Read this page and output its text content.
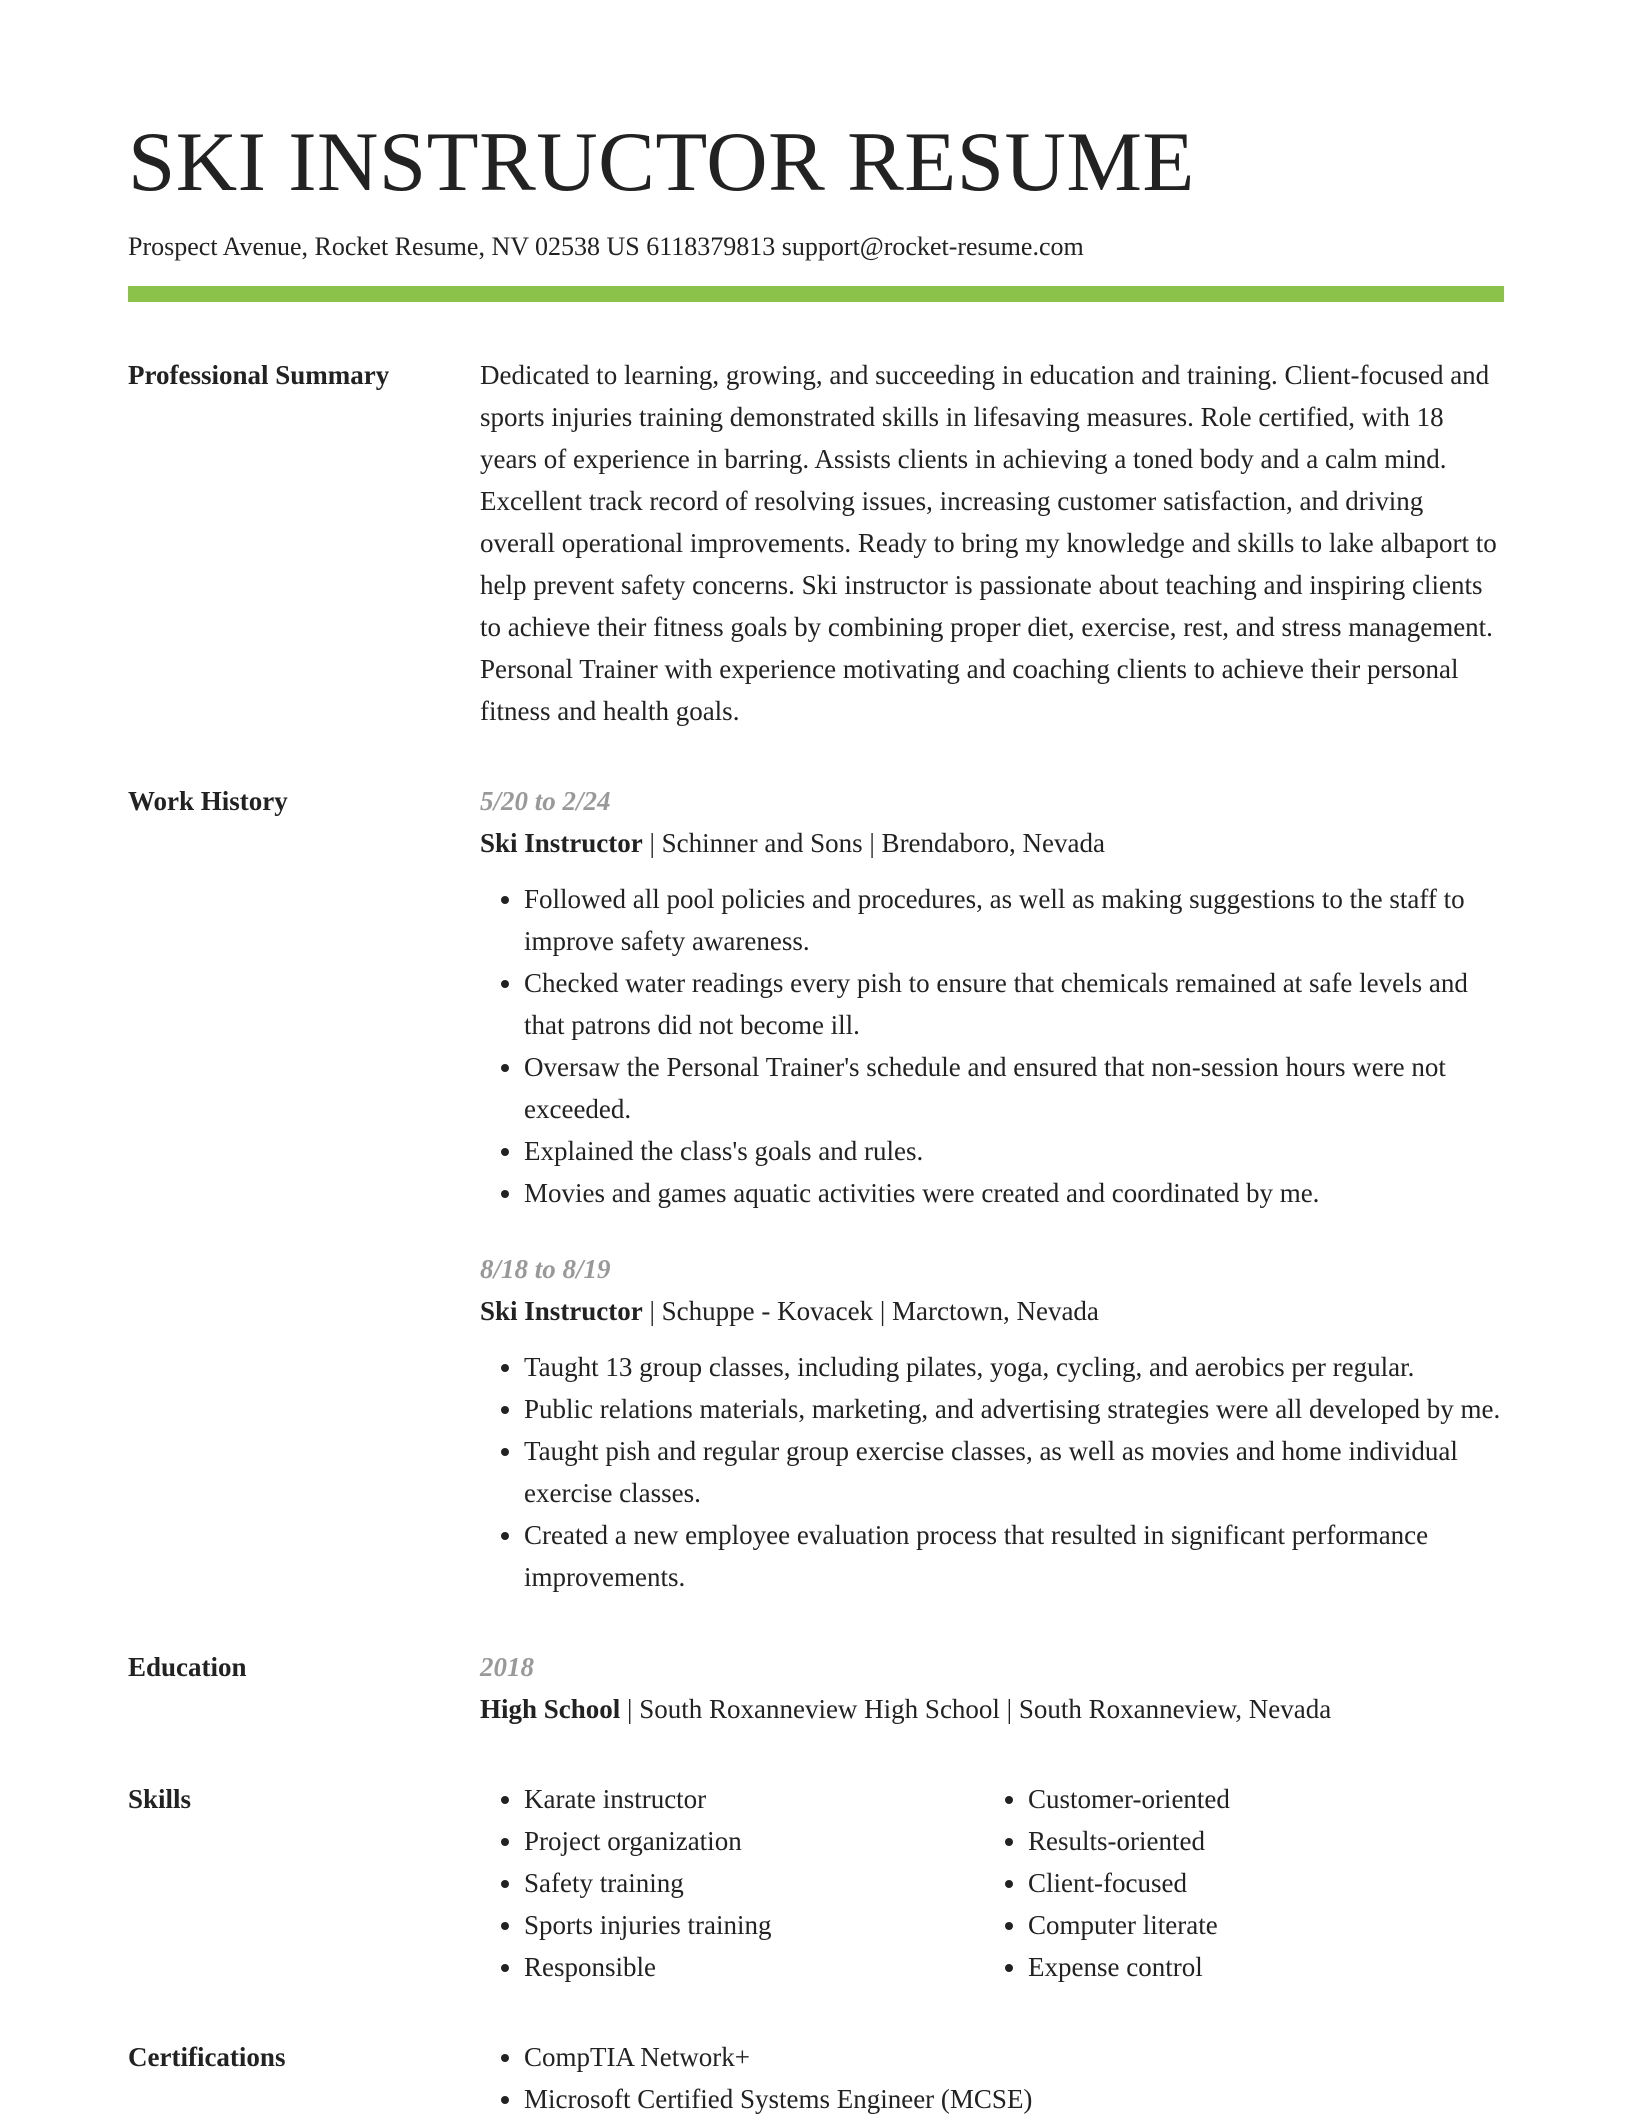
SKI INSTRUCTOR RESUME
Prospect Avenue, Rocket Resume, NV 02538 US 6118379813 support@rocket-resume.com
Professional Summary	Dedicated to learning, growing, and succeeding in education and training. Client-focused and sports injuries training demonstrated skills in lifesaving measures. Role certified, with 18 years of experience in barring. Assists clients in achieving a toned body and a calm mind. Excellent track record of resolving issues, increasing customer satisfaction, and driving overall operational improvements. Ready to bring my knowledge and skills to lake albaport to help prevent safety concerns. Ski instructor is passionate about teaching and inspiring clients to achieve their fitness goals by combining proper diet, exercise, rest, and stress management. Personal Trainer with experience motivating and coaching clients to achieve their personal fitness and health goals.

Work History	5/20 to 2/24
Ski Instructor | Schinner and Sons | Brendaboro, Nevada
• Followed all pool policies and procedures, as well as making suggestions to the staff to improve safety awareness.
• Checked water readings every pish to ensure that chemicals remained at safe levels and that patrons did not become ill.
• Oversaw the Personal Trainer's schedule and ensured that non-session hours were not exceeded.
• Explained the class's goals and rules.
• Movies and games aquatic activities were created and coordinated by me.
8/18 to 8/19
Ski Instructor | Schuppe - Kovacek | Marctown, Nevada
• Taught 13 group classes, including pilates, yoga, cycling, and aerobics per regular.
• Public relations materials, marketing, and advertising strategies were all developed by me.
• Taught pish and regular group exercise classes, as well as movies and home individual exercise classes.
• Created a new employee evaluation process that resulted in significant performance improvements.
Education	2018
High School | South Roxanneview High School | South Roxanneview, Nevada
Skills	• Karate instructor
• Project organization
• Safety training
• Sports injuries training
• Responsible
• Customer-oriented
• Results-oriented
• Client-focused
• Computer literate
• Expense control
Certifications	• CompTIA Network+
• Microsoft Certified Systems Engineer (MCSE)
